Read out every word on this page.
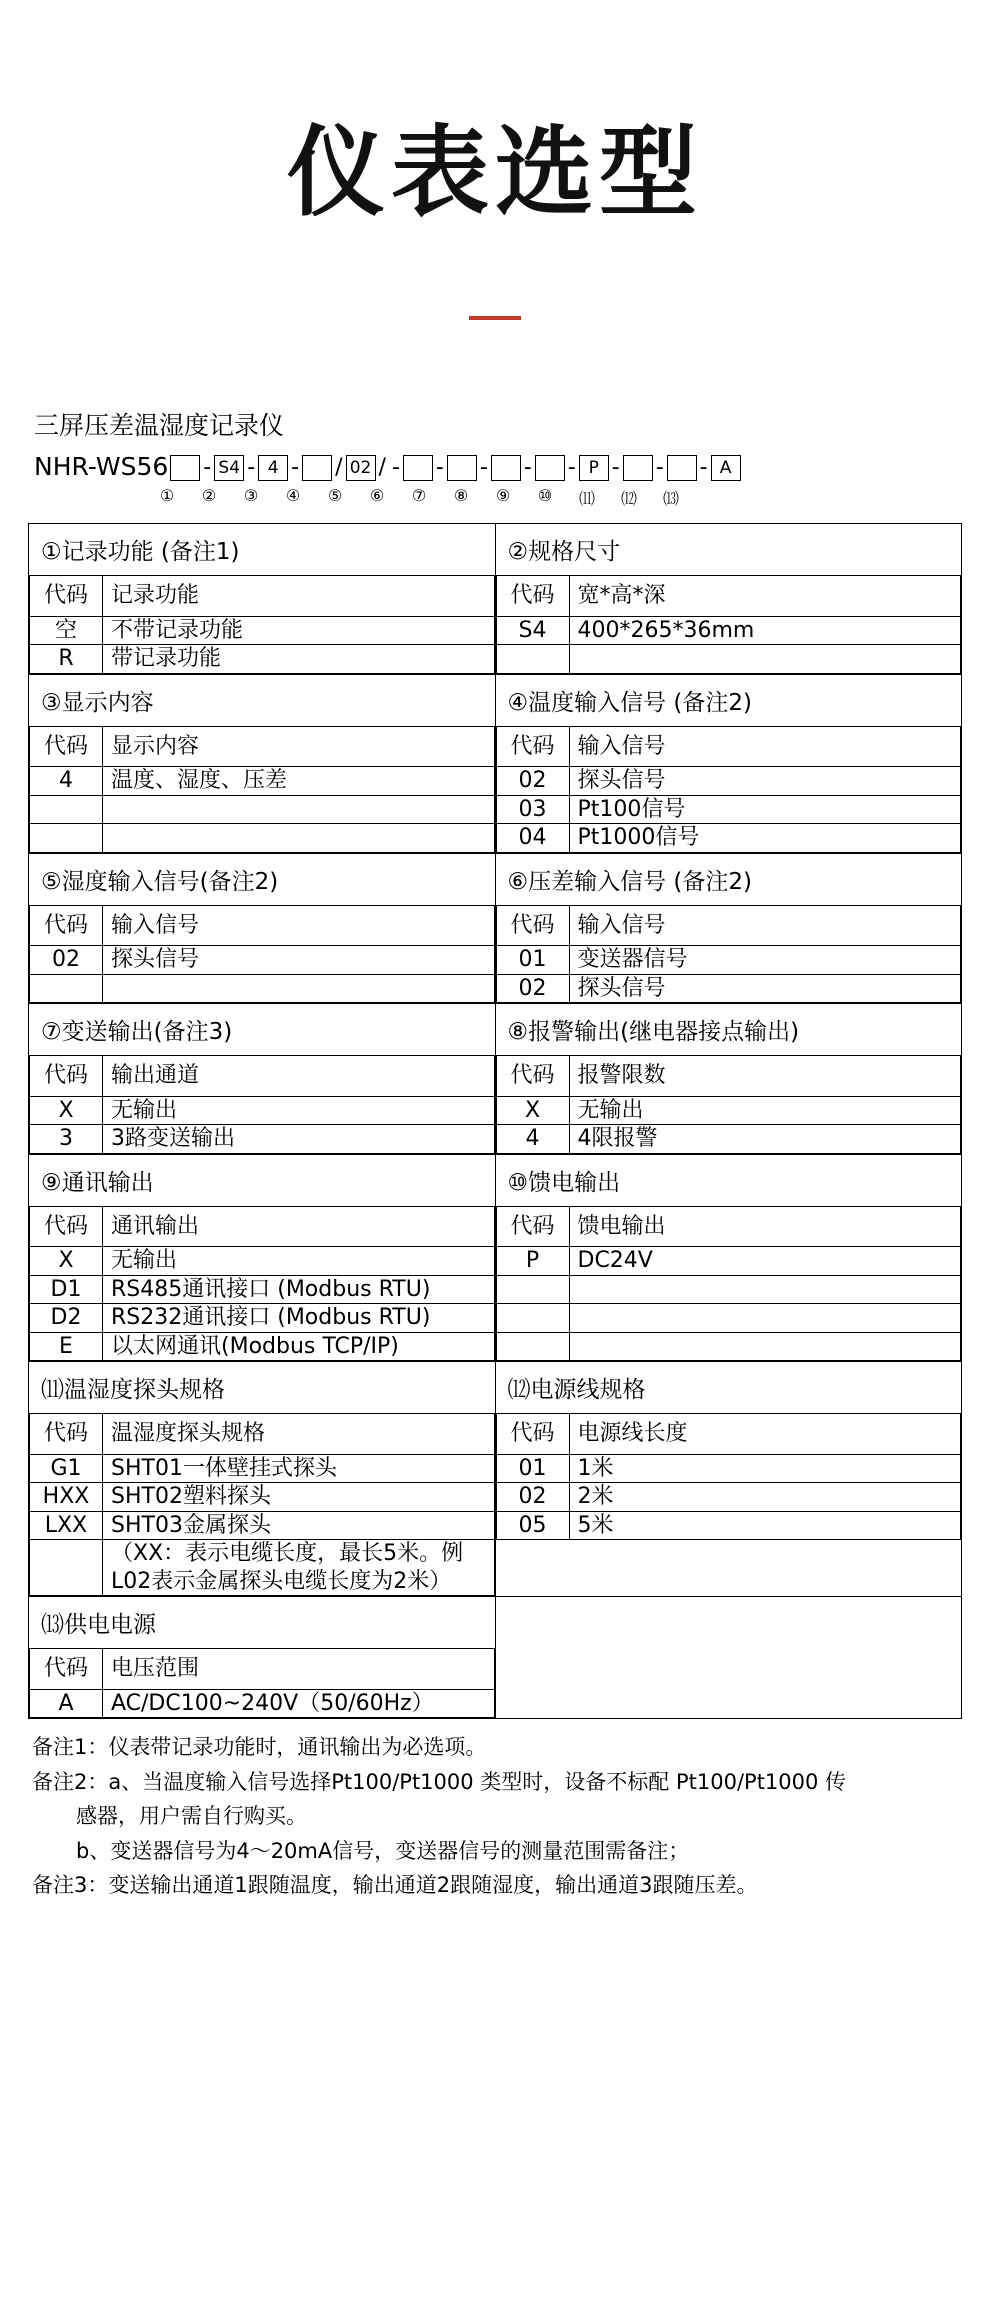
仪表选型
三屏压差温湿度记录仪
NHR-WS56 - S4 - 4 - / 02 / - - - - - P - - - A
①	②	③	④	⑤	⑥	⑦	⑧	⑨	⑩	⑾	⑿	⒀
①记录功能 (备注1)
代码	记录功能
空	不带记录功能
R	带记录功能

②规格尺寸
代码	宽*高*深
S4	400*265*36mm

③显示内容
代码	显示内容
4	温度、湿度、压差

④温度输入信号 (备注2)
代码	输入信号
02	探头信号
03	Pt100信号
04	Pt1000信号

⑤湿度输入信号(备注2)
代码	输入信号
02	探头信号

⑥压差输入信号 (备注2)
代码	输入信号
01	变送器信号
02	探头信号

⑦变送输出(备注3)
代码	输出通道
X	无输出
3	3路变送输出

⑧报警输出(继电器接点输出)
代码	报警限数
X	无输出
4	4限报警

⑨通讯输出
代码	通讯输出
X	无输出
D1	RS485通讯接口 (Modbus RTU)
D2	RS232通讯接口 (Modbus RTU)
E	以太网通讯(Modbus TCP/IP)

⑩馈电输出
代码	馈电输出
P	DC24V

⑾温湿度探头规格
代码	温湿度探头规格
G1	SHT01一体壁挂式探头
HXX	SHT02塑料探头
LXX	SHT03金属探头
	（XX：表示电缆长度，最长5米。例L02表示金属探头电缆长度为2米）

⑿电源线规格
代码	电源线长度
01	1米
02	2米
05	5米

⒀供电电源
代码	电压范围
A	AC/DC100~240V（50/60Hz）

备注1：仪表带记录功能时，通讯输出为必选项。
备注2：a、当温度输入信号选择Pt100/Pt1000 类型时，设备不标配 Pt100/Pt1000 传
感器，用户需自行购买。
b、变送器信号为4～20mA信号，变送器信号的测量范围需备注；
备注3：变送输出通道1跟随温度，输出通道2跟随湿度，输出通道3跟随压差。
